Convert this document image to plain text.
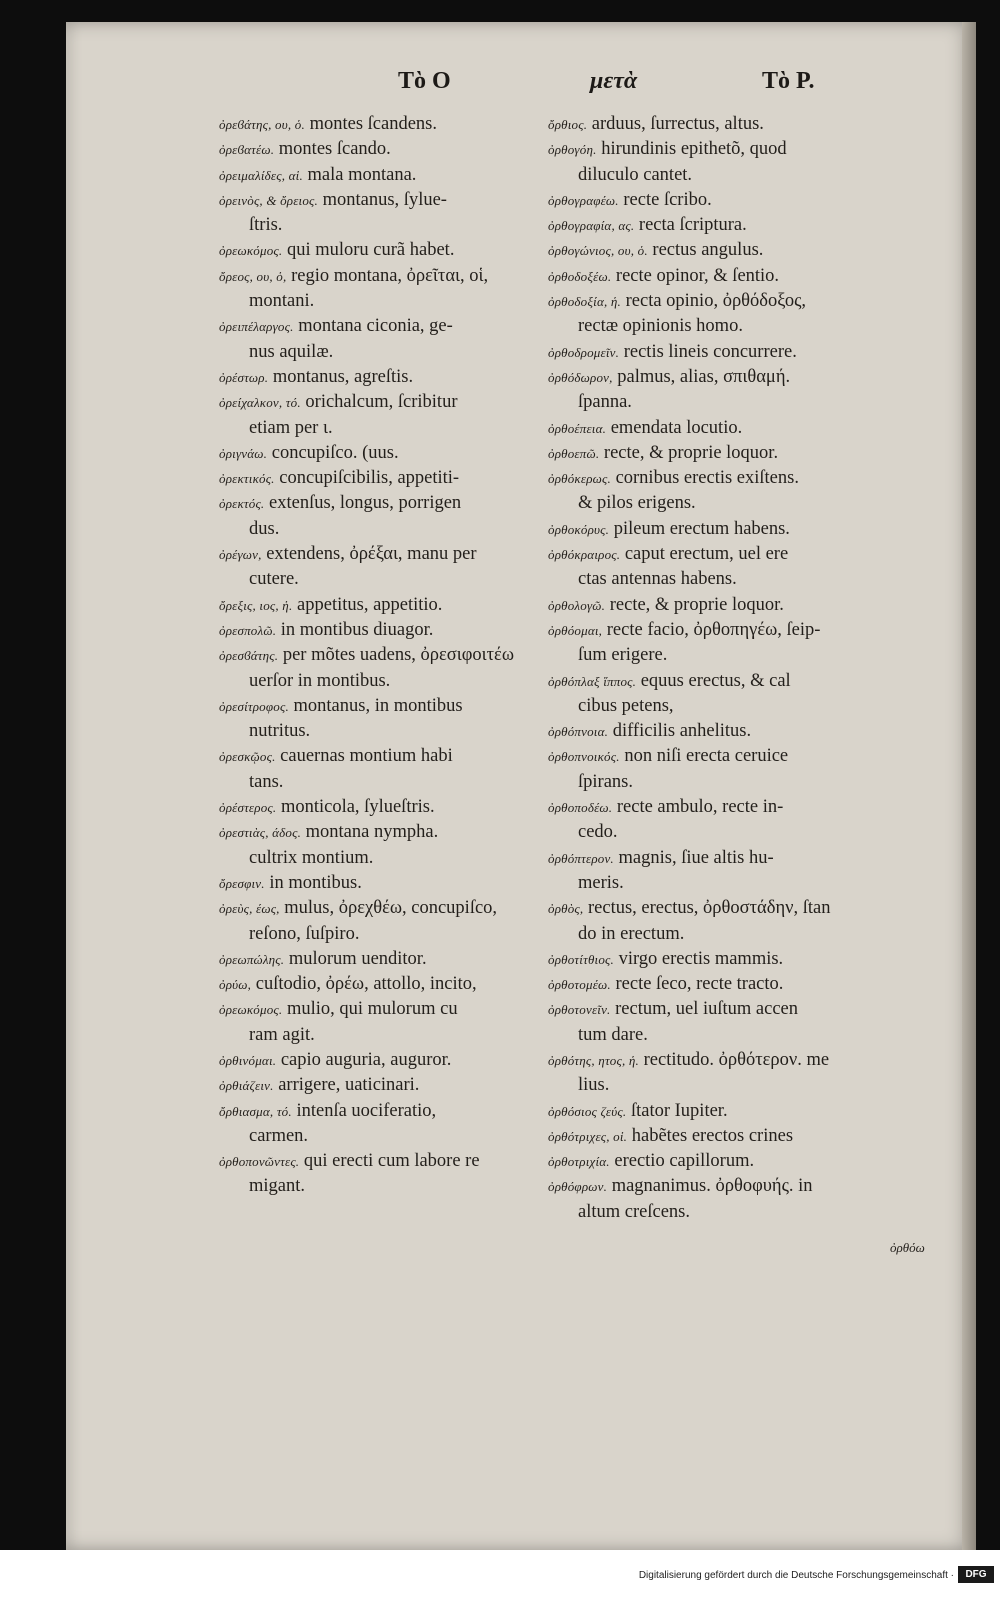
Τὸ Ο	μετὰ	Τὸ Ρ.

ὀρεϐάτης, ου, ὁ. montes ſcandens.

ὀρεϐατέω. montes ſcando.

ὀρειμαλίδες, αἱ. mala montana.

ὀρεινὸς, & ὄρειος. montanus, ſylue-
ſtris.

ὀρεωκόμος. qui muloru curã habet.

ὄρεος, ου, ὁ, regio montana, ὀρεῖται, οἱ,
montani.

ὀρειπέλαργος. montana ciconia, ge-
nus aquilæ.

ὀρέστωρ. montanus, agreſtis.

ὀρείχαλκον, τό. orichalcum, ſcribitur
etiam per ι.

ὀριγνάω. concupiſco. (uus.

ὀρεκτικός. concupiſcibilis, appetiti-

ὀρεκτός. extenſus, longus, porrigen
dus.

ὀρέγων, extendens, ὀρέξαι, manu per
cutere.

ὄρεξις, ιος, ἡ. appetitus, appetitio.

ὀρεσπολῶ. in montibus diuagor.

ὀρεσϐάτης. per mõtes uadens, ὀρεσιφοιτέω
uerſor in montibus.

ὀρεσίτροφος. montanus, in montibus
nutritus.

ὀρεσκῷος. cauernas montium habi
tans.

ὀρέστερος. monticola, ſylueſtris.

ὀρεστιὰς, άδος. montana nympha.
cultrix montium.

ὄρεσφιν. in montibus.

ὀρεὺς, έως, mulus, ὀρεχθέω, concupiſco,
reſono, ſuſpiro.

ὀρεωπώλης. mulorum uenditor.

ὀρύω, cuſtodio, ὀρέω, attollo, incito,

ὀρεωκόμος. mulio, qui mulorum cu
ram agit.

ὀρθινόμαι. capio auguria, auguror.

ὀρθιάζειν. arrigere, uaticinari.

ὄρθιασμα, τό. intenſa uociferatio,
carmen.

ὀρθοπονῶντες. qui erecti cum labore re
migant.

ὄρθιος. arduus, ſurrectus, altus.

ὀρθογόη. hirundinis epithetõ, quod
diluculo cantet.

ὀρθογραφέω. recte ſcribo.

ὀρθογραφία, ας. recta ſcriptura.

ὀρθογώνιος, ου, ὁ. rectus angulus.

ὀρθοδοξέω. recte opinor, & ſentio.

ὀρθοδοξία, ἡ. recta opinio, ὀρθόδοξος,
rectæ opinionis homo.

ὀρθοδρομεῖν. rectis lineis concurrere.

ὀρθόδωρον, palmus, alias, σπιθαμή.
ſpanna.

ὀρθοέπεια. emendata locutio.

ὀρθοεπῶ. recte, & proprie loquor.

ὀρθόκερως. cornibus erectis exiſtens.
& pilos erigens.

ὀρθοκόρυς. pileum erectum habens.

ὀρθόκραιρος. caput erectum, uel ere
ctas antennas habens.

ὀρθολογῶ. recte, & proprie loquor.

ὀρθόομαι, recte facio, ὀρθοπηγέω, ſeip-
ſum erigere.

ὀρθόπλαξ ἵππος. equus erectus, & cal
cibus petens,

ὀρθόπνοια. difficilis anhelitus.

ὀρθοπνοικός. non niſi erecta ceruice
ſpirans.

ὀρθοποδέω. recte ambulo, recte in-
cedo.

ὀρθόπτερον. magnis, ſiue altis hu-
meris.

ὀρθὸς, rectus, erectus, ὀρθοστάδην, ſtan
do in erectum.

ὀρθοτίτθιος. virgo erectis mammis.

ὀρθοτομέω. recte ſeco, recte tracto.

ὀρθοτονεῖν. rectum, uel iuſtum accen
tum dare.

ὀρθότης, ητος, ἡ. rectitudo. ὀρθότερον. me
lius.

ὀρθόσιος ζεύς. ſtator Iupiter.

ὀρθότριχες, οἱ. habẽtes erectos crines

ὀρθοτριχία. erectio capillorum.

ὀρθόφρων. magnanimus. ὀρθοφυής. in
altum creſcens.

ὀρθόω
Digitalisierung gefördert durch die Deutsche Forschungsgemeinschaft ·	DFG
